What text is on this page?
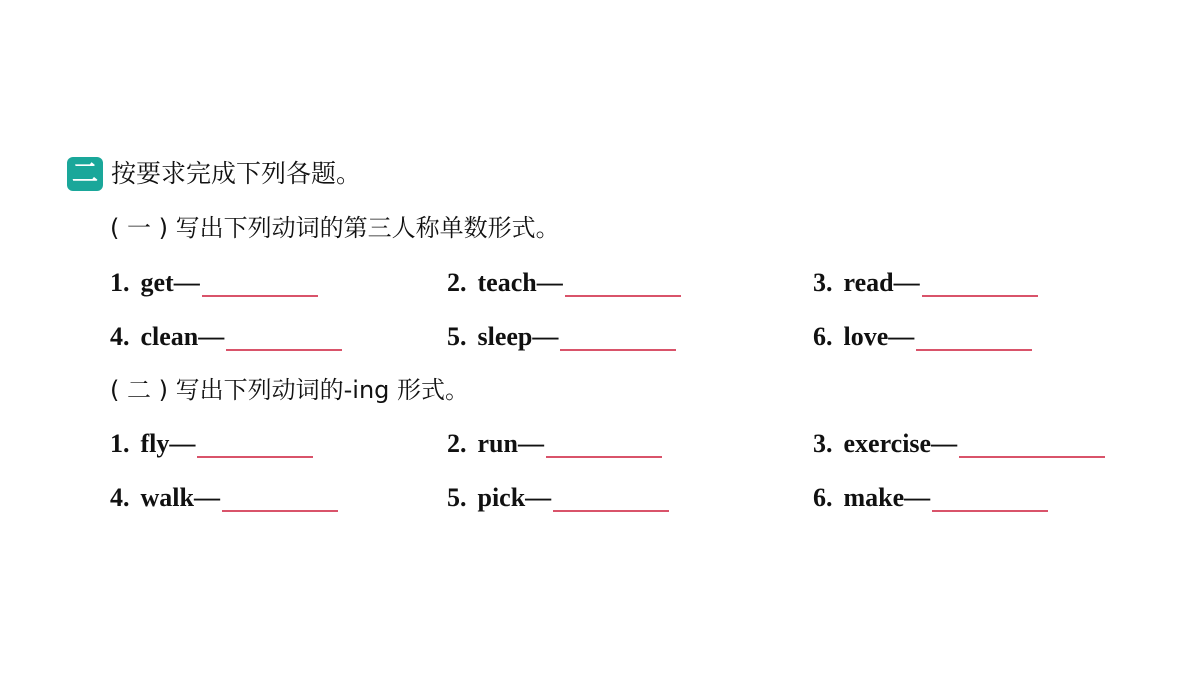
二 按要求完成下列各题。
( 一 ) 写出下列动词的第三人称单数形式。
1. get—	2. teach—	3. read—
4. clean—	5. sleep—	6. love—
( 二 ) 写出下列动词的-ing 形式。
1. fly—	2. run—	3. exercise—
4. walk—	5. pick—	6. make—
